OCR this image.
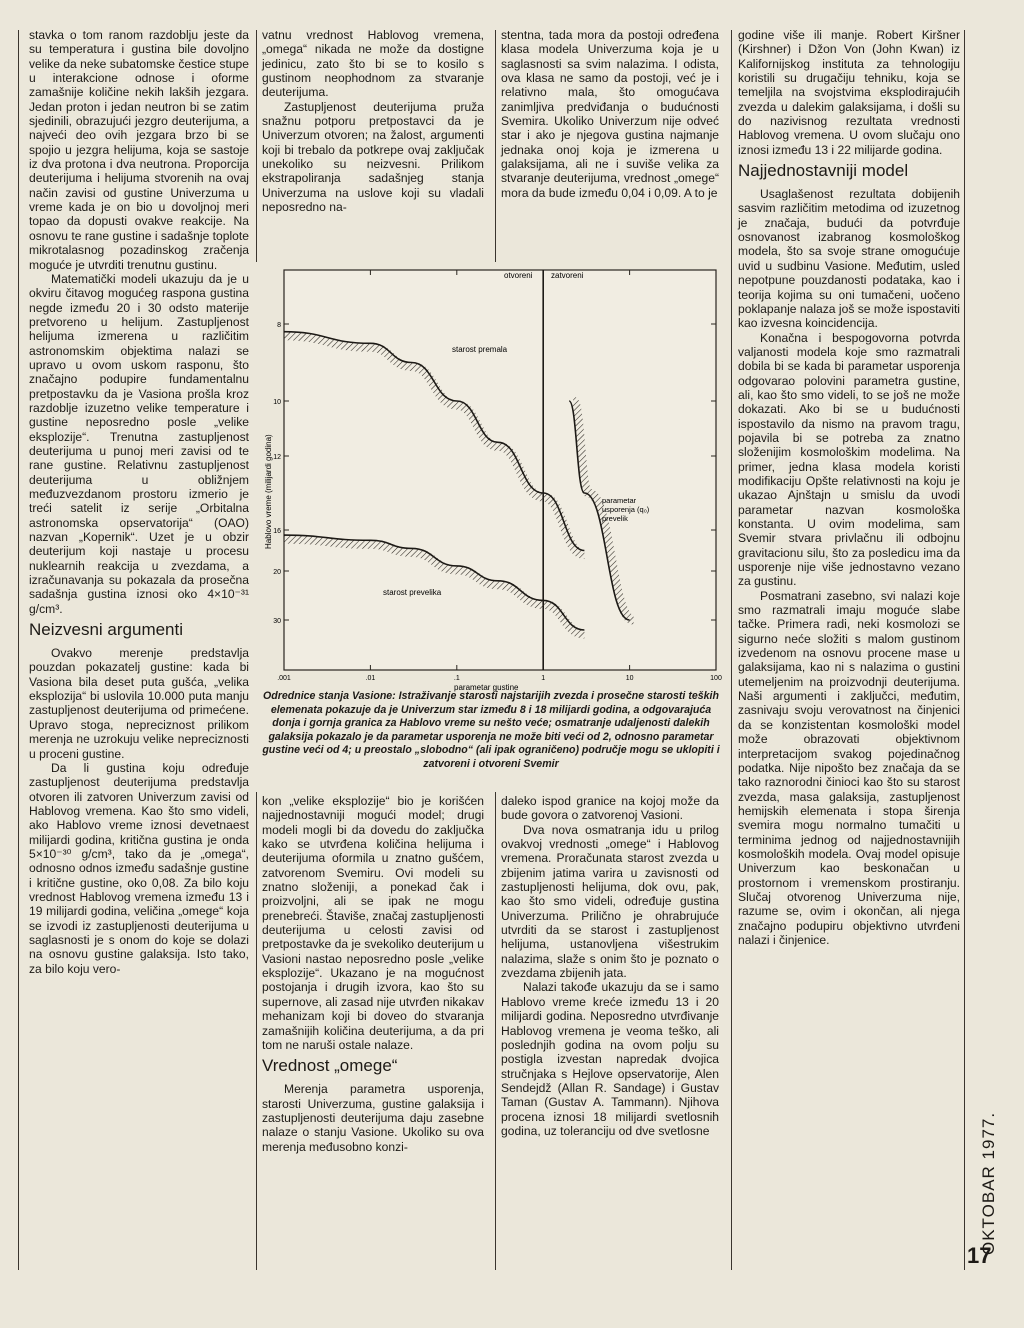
stavka o tom ranom razdoblju jeste da su temperatura i gustina bile dovoljno velike da neke subatomske čestice stupe u interakcione odnose i oforme zamašnije količine nekih lakših jezgara. Jedan proton i jedan neutron bi se zatim sjedinili, obrazujući jezgro deuterijuma, a najveći deo ovih jezgara brzo bi se spojio u jezgra helijuma, koja se sastoje iz dva protona i dva neutrona. Proporcija deuterijuma i helijuma stvorenih na ovaj način zavisi od gustine Univerzuma u vreme kada je on bio u dovoljnoj meri topao da dopusti ovakve reakcije. Na osnovu te rane gustine i sadašnje toplote mikrotalasnog pozadinskog zračenja moguće je utvrditi trenutnu gustinu.

Matematički modeli ukazuju da je u okviru čitavog mogućeg raspona gustina negde između 20 i 30 odsto materije pretvoreno u helijum. Zastupljenost helijuma izmerena u različitim astronomskim objektima nalazi se upravo u ovom uskom rasponu, što značajno podupire fundamentalnu pretpostavku da je Vasiona prošla kroz razdoblje izuzetno velike temperature i gustine neposredno posle „velike eksplozije“. Trenutna zastupljenost deuterijuma u punoj meri zavisi od te rane gustine. Relativnu zastupljenost deuterijuma u obližnjem međuzvezdanom prostoru izmerio je treći satelit iz serije „Orbitalna astronomska opservatorija“ (OAO) nazvan „Kopernik“. Uzet je u obzir deuterijum koji nastaje u procesu nuklearnih reakcija u zvezdama, a izračunavanja su pokazala da prosečna sadašnja gustina iznosi oko 4×10⁻³¹ g/cm³.

Neizvesni argumenti

Ovakvo merenje predstavlja pouzdan pokazatelj gustine: kada bi Vasiona bila deset puta gušća, „velika eksplozija“ bi uslovila 10.000 puta manju zastupljenost deuterijuma od primećene. Upravo stoga, nepreciznost prilikom merenja ne uzrokuju velike nepreciznosti u proceni gustine.

Da li gustina koju određuje zastupljenost deuterijuma predstavlja otvoren ili zatvoren Univerzum zavisi od Hablovog vremena. Kao što smo videli, ako Hablovo vreme iznosi devetnaest milijardi godina, kritična gustina je onda 5×10⁻³⁰ g/cm³, tako da je „omega“, odnosno odnos između sadašnje gustine i kritične gustine, oko 0,08. Za bilo koju vrednost Hablovog vremena između 13 i 19 milijardi godina, veličina „omege“ koja se izvodi iz zastupljenosti deuterijuma u saglasnosti je s onom do koje se dolazi na osnovu gustine galaksija. Isto tako, za bilo koju vero-

vatnu vrednost Hablovog vremena, „omega“ nikada ne može da dostigne jedinicu, zato što bi se to kosilo s gustinom neophodnom za stvaranje deuterijuma.

Zastupljenost deuterijuma pruža snažnu potporu pretpostavci da je Univerzum otvoren; na žalost, argumenti koji bi trebalo da potkrepe ovaj zaključak unekoliko su neizvesni. Prilikom ekstrapoliranja sadašnjeg stanja Univerzuma na uslove koji su vladali neposredno na-

stentna, tada mora da postoji određena klasa modela Univerzuma koja je u saglasnosti sa svim nalazima. I odista, ova klasa ne samo da postoji, već je i relativno mala, što omogućava zanimljiva predviđanja o budućnosti Svemira. Ukoliko Univerzum nije odveć star i ako je njegova gustina najmanje jednaka onoj koja je izmerena u galaksijama, ali ne i suviše velika za stvaranje deuterijuma, vrednost „omege“ mora da bude između 0,04 i 0,09. A to je

godine više ili manje. Robert Kiršner (Kirshner) i Džon Von (John Kwan) iz Kalifornijskog instituta za tehnologiju koristili su drugačiju tehniku, koja se temeljila na svojstvima eksplodirajućih zvezda u dalekim galaksijama, i došli su do nazivisnog rezultata vrednosti Hablovog vremena. U ovom slučaju ono iznosi između 13 i 22 milijarde godina.

Najjednostavniji model

Usaglašenost rezultata dobijenih sasvim različitim metodima od izuzetnog je značaja, budući da potvrđuje osnovanost izabranog kosmološkog modela, što sa svoje strane omogućuje uvid u sudbinu Vasione. Međutim, usled nepotpune pouzdanosti podataka, kao i teorija kojima su oni tumačeni, uočeno poklapanje nalaza još se može ispostaviti kao izvesna koincidencija.

Konačna i bespogovorna potvrda valjanosti modela koje smo razmatrali dobila bi se kada bi parametar usporenja odgovarao polovini parametra gustine, ali, kao što smo videli, to se još ne može dokazati. Ako bi se u budućnosti ispostavilo da nismo na pravom tragu, pojavila bi se potreba za znatno složenijim kosmološkim modelima. Na primer, jedna klasa modela koristi modifikaciju Opšte relativnosti na koju je ukazao Ajnštajn u smislu da uvodi parametar nazvan kosmološka konstanta. U ovim modelima, sam Svemir stvara privlačnu ili odbojnu gravitacionu silu, što za posledicu ima da usporenje nije više jednostavno vezano za gustinu.

Posmatrani zasebno, svi nalazi koje smo razmatrali imaju moguće slabe tačke. Primera radi, neki kosmolozi se sigurno neće složiti s malom gustinom izvedenom na osnovu procene mase u galaksijama, kao ni s nalazima o gustini utemeljenim na proizvodnji deuterijuma. Naši argumenti i zaključci, međutim, zasnivaju svoju verovatnost na činjenici da se konzistentan kosmološki model može obrazovati objektivnom interpretacijom svakog pojedinačnog podatka. Nije nipošto bez značaja da se tako raznorodni činioci kao što su starost zvezda, masa galaksija, zastupljenost hemijskih elemenata i stopa širenja svemira mogu normalno tumačiti u terminima jednog od najjednostavnijih kosmoloških modela. Ovaj model opisuje Univerzum kao beskonačan u prostornom i vremenskom prostiranju. Slučaj otvorenog Univerzuma nije, razume se, ovim i okončan, ali njega značajno podupiru objektivno utvrđeni nalazi i činjenice.

8
10
12
16
20
30
.001	.01	.1	1	10	100
otvoreni zatvoreni
starost premala
starost prevelika
parametar
usporenja (q₀)
prevelik
Hablovo vreme (milijardi godina)
parametar gustine
Odrednice stanja Vasione: Istraživanje starosti najstarijih zvezda i prosečne starosti teških elemenata pokazuje da je Univerzum star između 8 i 18 milijardi godina, a odgovarajuća donja i gornja granica za Hablovo vreme su nešto veće; osmatranje udaljenosti dalekih galaksija pokazalo je da parametar usporenja ne može biti veći od 2, odnosno parametar gustine veći od 4; u preostalo „slobodno“ (ali ipak ograničeno) područje mogu se uklopiti i zatvoreni i otvoreni Svemir

kon „velike eksplozije“ bio je korišćen najjednostavniji mogući model; drugi modeli mogli bi da dovedu do zaključka kako se utvrđena količina helijuma i deuterijuma oformila u znatno gušćem, zatvorenom Svemiru. Ovi modeli su znatno složeniji, a ponekad čak i proizvoljni, ali se ipak ne mogu prenebreći. Štaviše, značaj zastupljenosti deuterijuma u celosti zavisi od pretpostavke da je svekoliko deuterijum u Vasioni nastao neposredno posle „velike eksplozije“. Ukazano je na mogućnost postojanja i drugih izvora, kao što su supernove, ali zasad nije utvrđen nikakav mehanizam koji bi doveo do stvaranja zamašnijih količina deuterijuma, a da pri tom ne naruši ostale nalaze.

Vrednost „omege“

Merenja parametra usporenja, starosti Univerzuma, gustine galaksija i zastupljenosti deuterijuma daju zasebne nalaze o stanju Vasione. Ukoliko su ova merenja međusobno konzi-

daleko ispod granice na kojoj može da bude govora o zatvorenoj Vasioni.

Dva nova osmatranja idu u prilog ovakvoj vrednosti „omege“ i Hablovog vremena. Proračunata starost zvezda u zbijenim jatima varira u zavisnosti od zastupljenosti helijuma, dok ovu, pak, kao što smo videli, određuje gustina Univerzuma. Prilično je ohrabrujuće utvrditi da se starost i zastupljenost helijuma, ustanovljena višestrukim nalazima, slaže s onim što je poznato o zvezdama zbijenih jata.

Nalazi takođe ukazuju da se i samo Hablovo vreme kreće između 13 i 20 milijardi godina. Neposredno utvrđivanje Hablovog vremena je veoma teško, ali poslednjih godina na ovom polju su postigla izvestan napredak dvojica stručnjaka s Hejlove opservatorije, Alen Sendejdž (Allan R. Sandage) i Gustav Taman (Gustav A. Tammann). Njihova procena iznosi 18 milijardi svetlosnih godina, uz toleranciju od dve svetlosne	OKTOBAR 1977.
17
